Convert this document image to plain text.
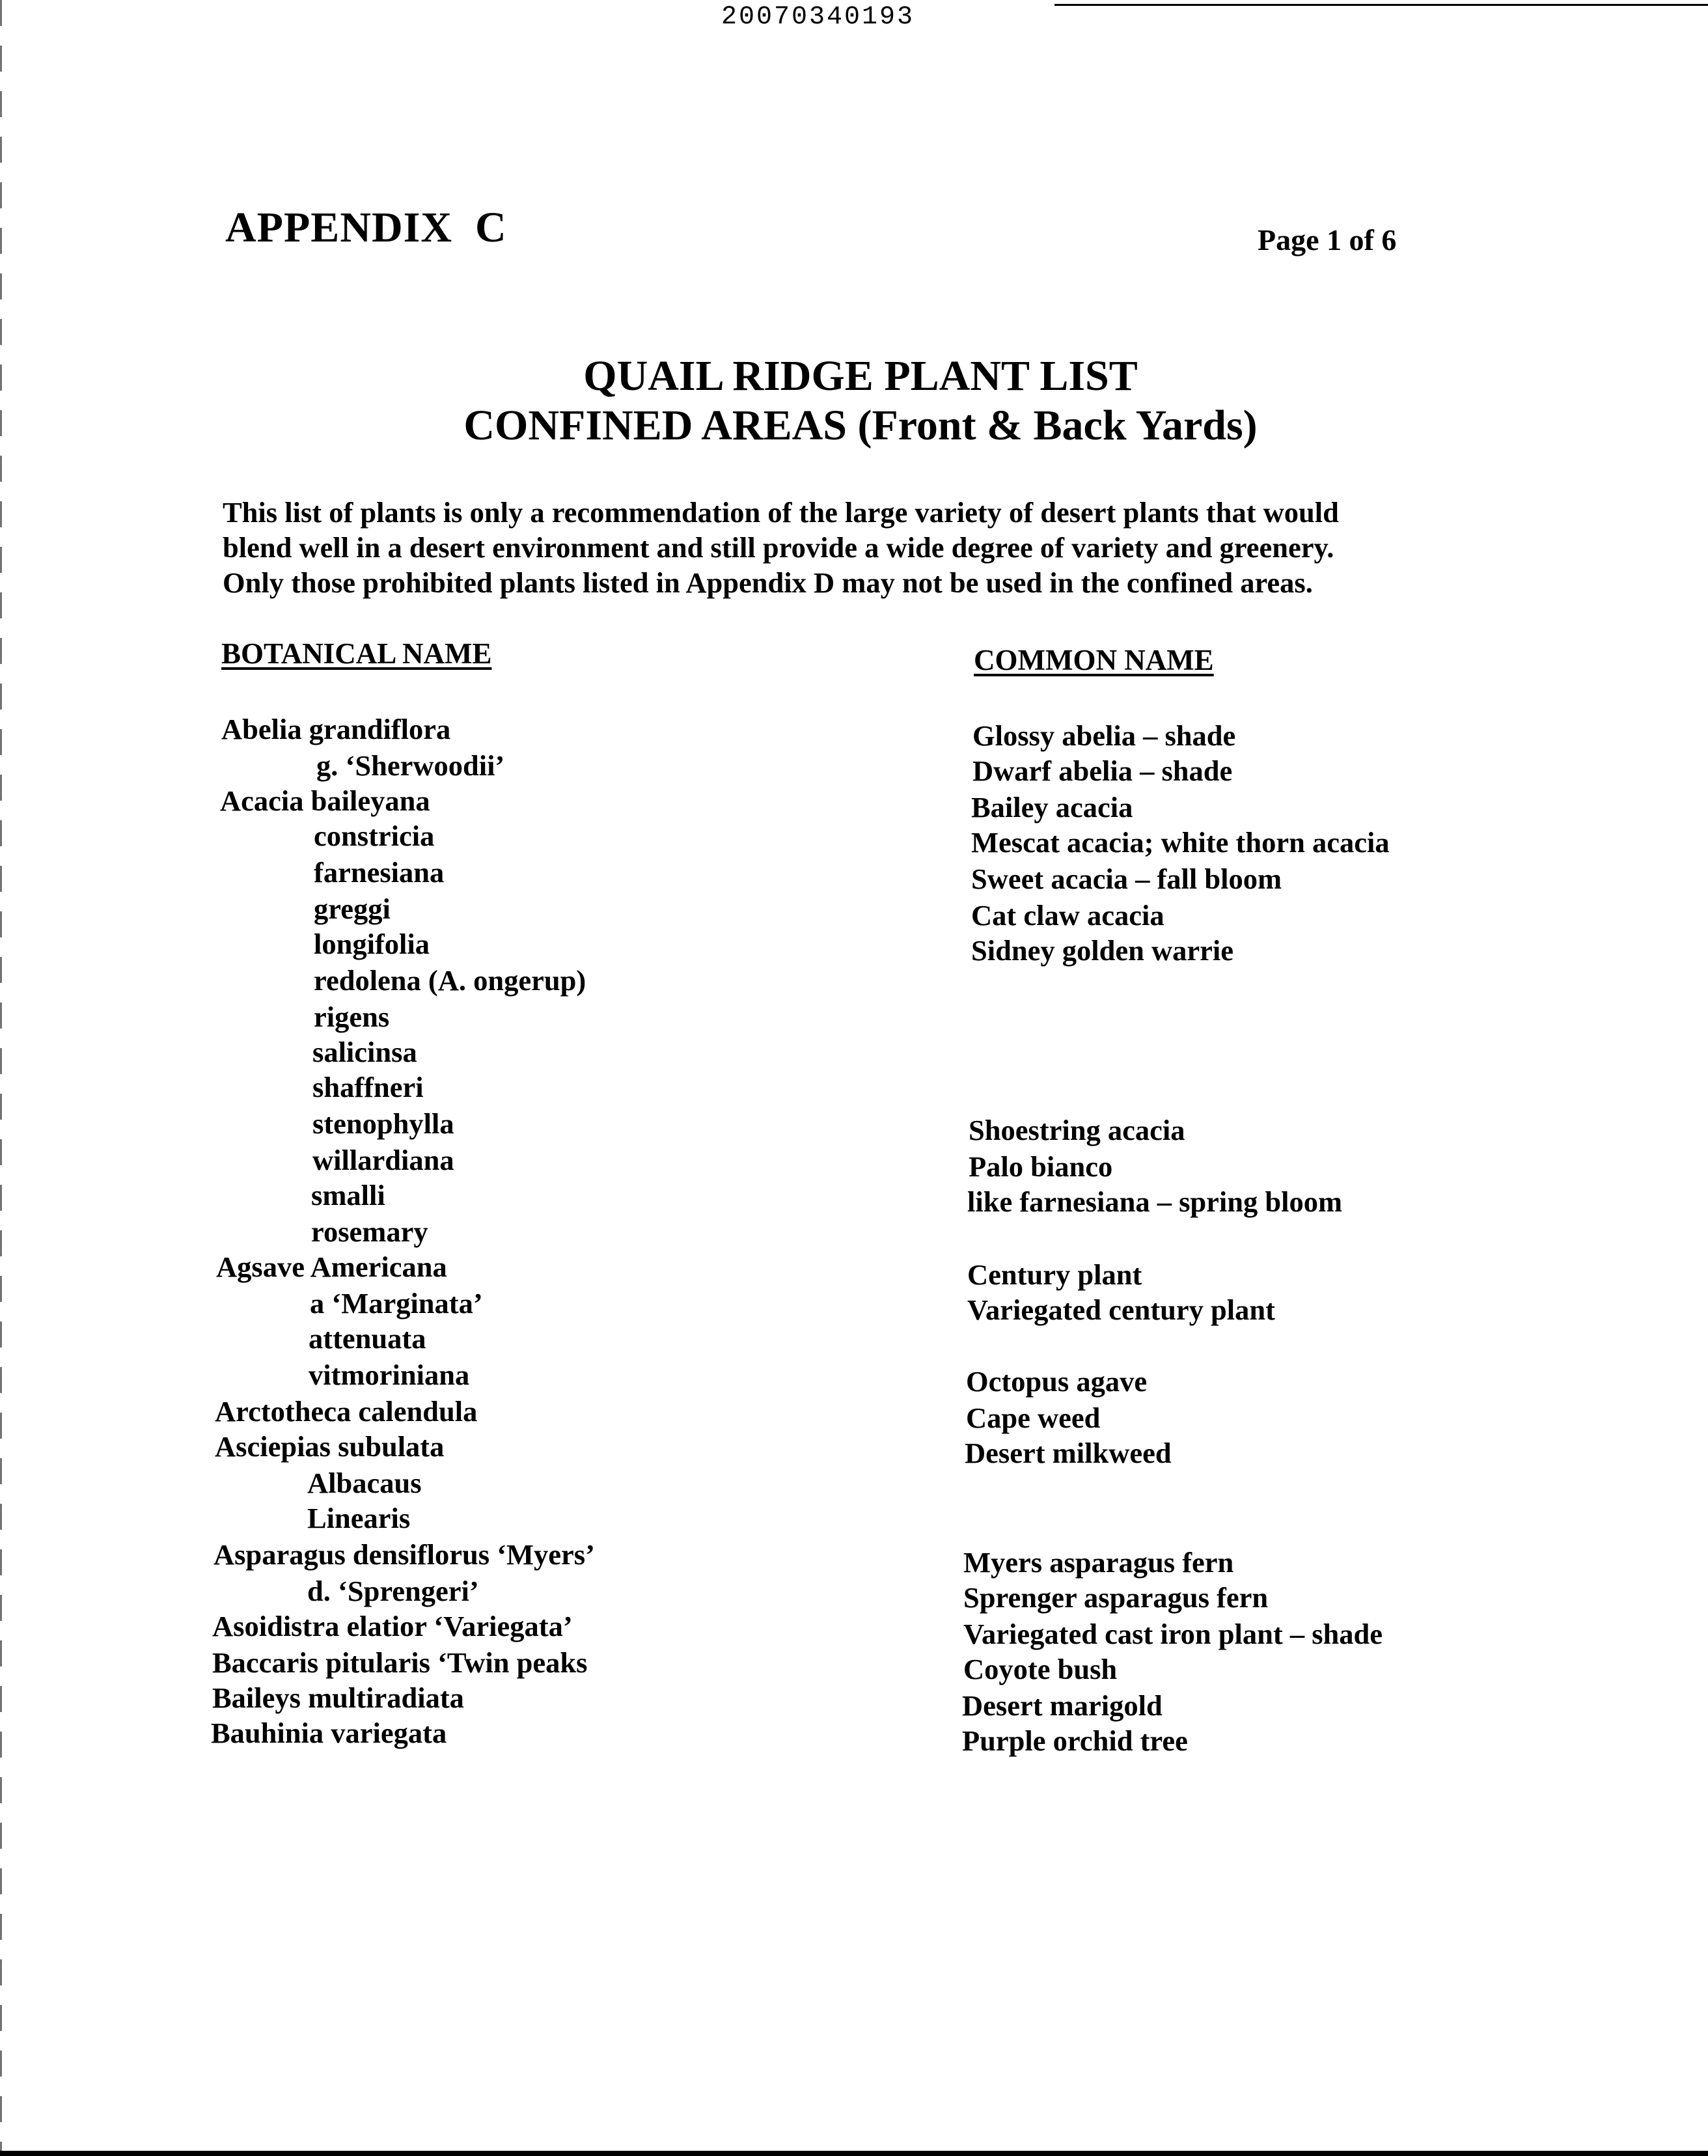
20070340193
APPENDIX  C	Page 1 of 6
QUAIL RIDGE PLANT LIST
CONFINED AREAS (Front & Back Yards)
This list of plants is only a recommendation of the large variety of desert plants that would
blend well in a desert environment and still provide a wide degree of variety and greenery.
Only those prohibited plants listed in Appendix D may not be used in the confined areas.
BOTANICAL NAME	COMMON NAME
Abelia grandiflora
g. ‘Sherwoodii’
Acacia baileyana
constricia
farnesiana
greggi
longifolia
redolena (A. ongerup)
rigens
salicinsa
shaffneri
stenophylla
willardiana
smalli
rosemary
Agsave Americana
a ‘Marginata’
attenuata
vitmoriniana
Arctotheca calendula
Asciepias subulata
Albacaus
Linearis
Asparagus densiflorus ‘Myers’
d. ‘Sprengeri’
Asoidistra elatior ‘Variegata’
Baccaris pitularis ‘Twin peaks
Baileys multiradiata
Bauhinia variegata
Glossy abelia – shade
Dwarf abelia – shade
Bailey acacia
Mescat acacia; white thorn acacia
Sweet acacia – fall bloom
Cat claw acacia
Sidney golden warrie
Shoestring acacia
Palo bianco
like farnesiana – spring bloom
Century plant
Variegated century plant
Octopus agave
Cape weed
Desert milkweed
Myers asparagus fern
Sprenger asparagus fern
Variegated cast iron plant – shade
Coyote bush
Desert marigold
Purple orchid tree
